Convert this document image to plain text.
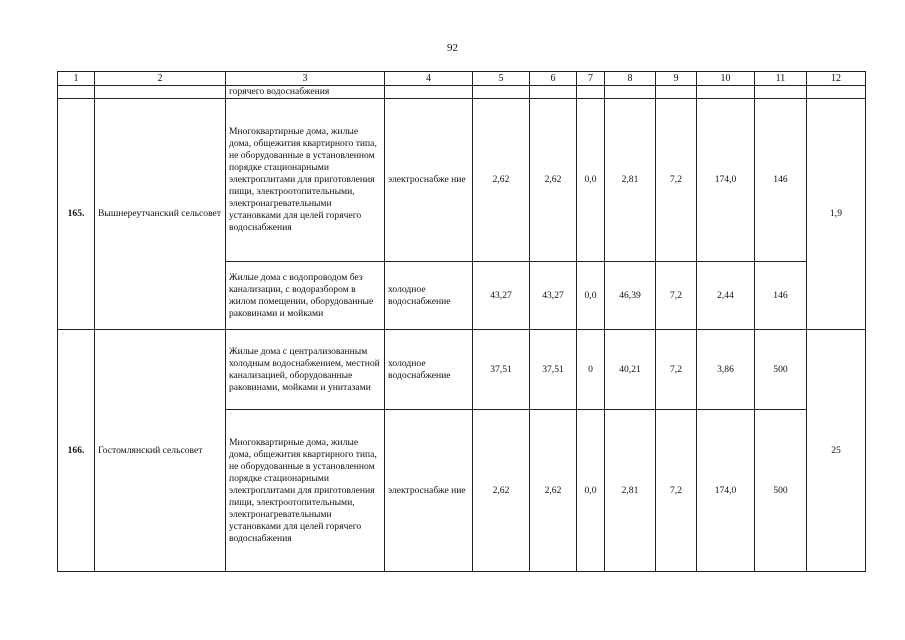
92
1	2	3	4	5	6	7	8	9	10	11	12
		горячего водоснабжения									
165.	Вышнереутчанский сельсовет	Многоквартирные дома, жилые дома, общежития квартирного типа, не оборудованные в установленном порядке стационарными электроплитами для приготовления пищи, электроотопительными, электронагревательными установками для целей горячего водоснабжения	электроснабже ние	2,62	2,62	0,0	2,81	7,2	174,0	146	1,9
		Жилые дома с водопроводом без канализации, с водоразбором в жилом помещении, оборудованные раковинами и мойками	холодное водоснабжение	43,27	43,27	0,0	46,39	7,2	2,44	146	
166.	Гостомлянский сельсовет	Жилые дома с централизованным холодным водоснабжением, местной канализацией, оборудованные раковинами, мойками и унитазами	холодное водоснабжение	37,51	37,51	0	40,21	7,2	3,86	500	25
		Многоквартирные дома, жилые дома, общежития квартирного типа, не оборудованные в установленном порядке стационарными электроплитами для приготовления пищи, электроотопительными, электронагревательными установками для целей горячего водоснабжения	электроснабже ние	2,62	2,62	0,0	2,81	7,2	174,0	500	
